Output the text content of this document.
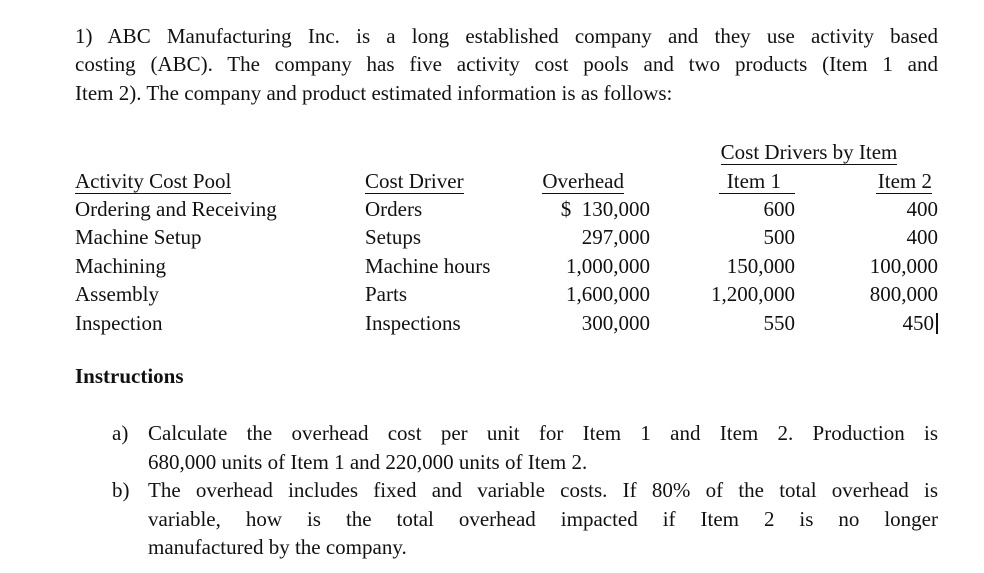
1) ABC Manufacturing Inc. is a long established company and they use activity based
costing (ABC). The company has five activity cost pools and two products (Item 1 and
Item 2). The company and product estimated information is as follows:
			Cost Drivers by Item	
Activity Cost Pool	Cost Driver	Overhead	Item 1	Item 2
Ordering and Receiving	Orders	$  130,000	600	400
Machine Setup	Setups	297,000	500	400
Machining	Machine hours	1,000,000	150,000	100,000
Assembly	Parts	1,600,000	1,200,000	800,000
Inspection	Inspections	300,000	550	450
Instructions
a) Calculate the overhead cost per unit for Item 1 and Item 2. Production is
680,000 units of Item 1 and 220,000 units of Item 2.
b) The overhead includes fixed and variable costs. If 80% of the total overhead is
variable, how is the total overhead impacted if Item 2 is no longer
manufactured by the company.
